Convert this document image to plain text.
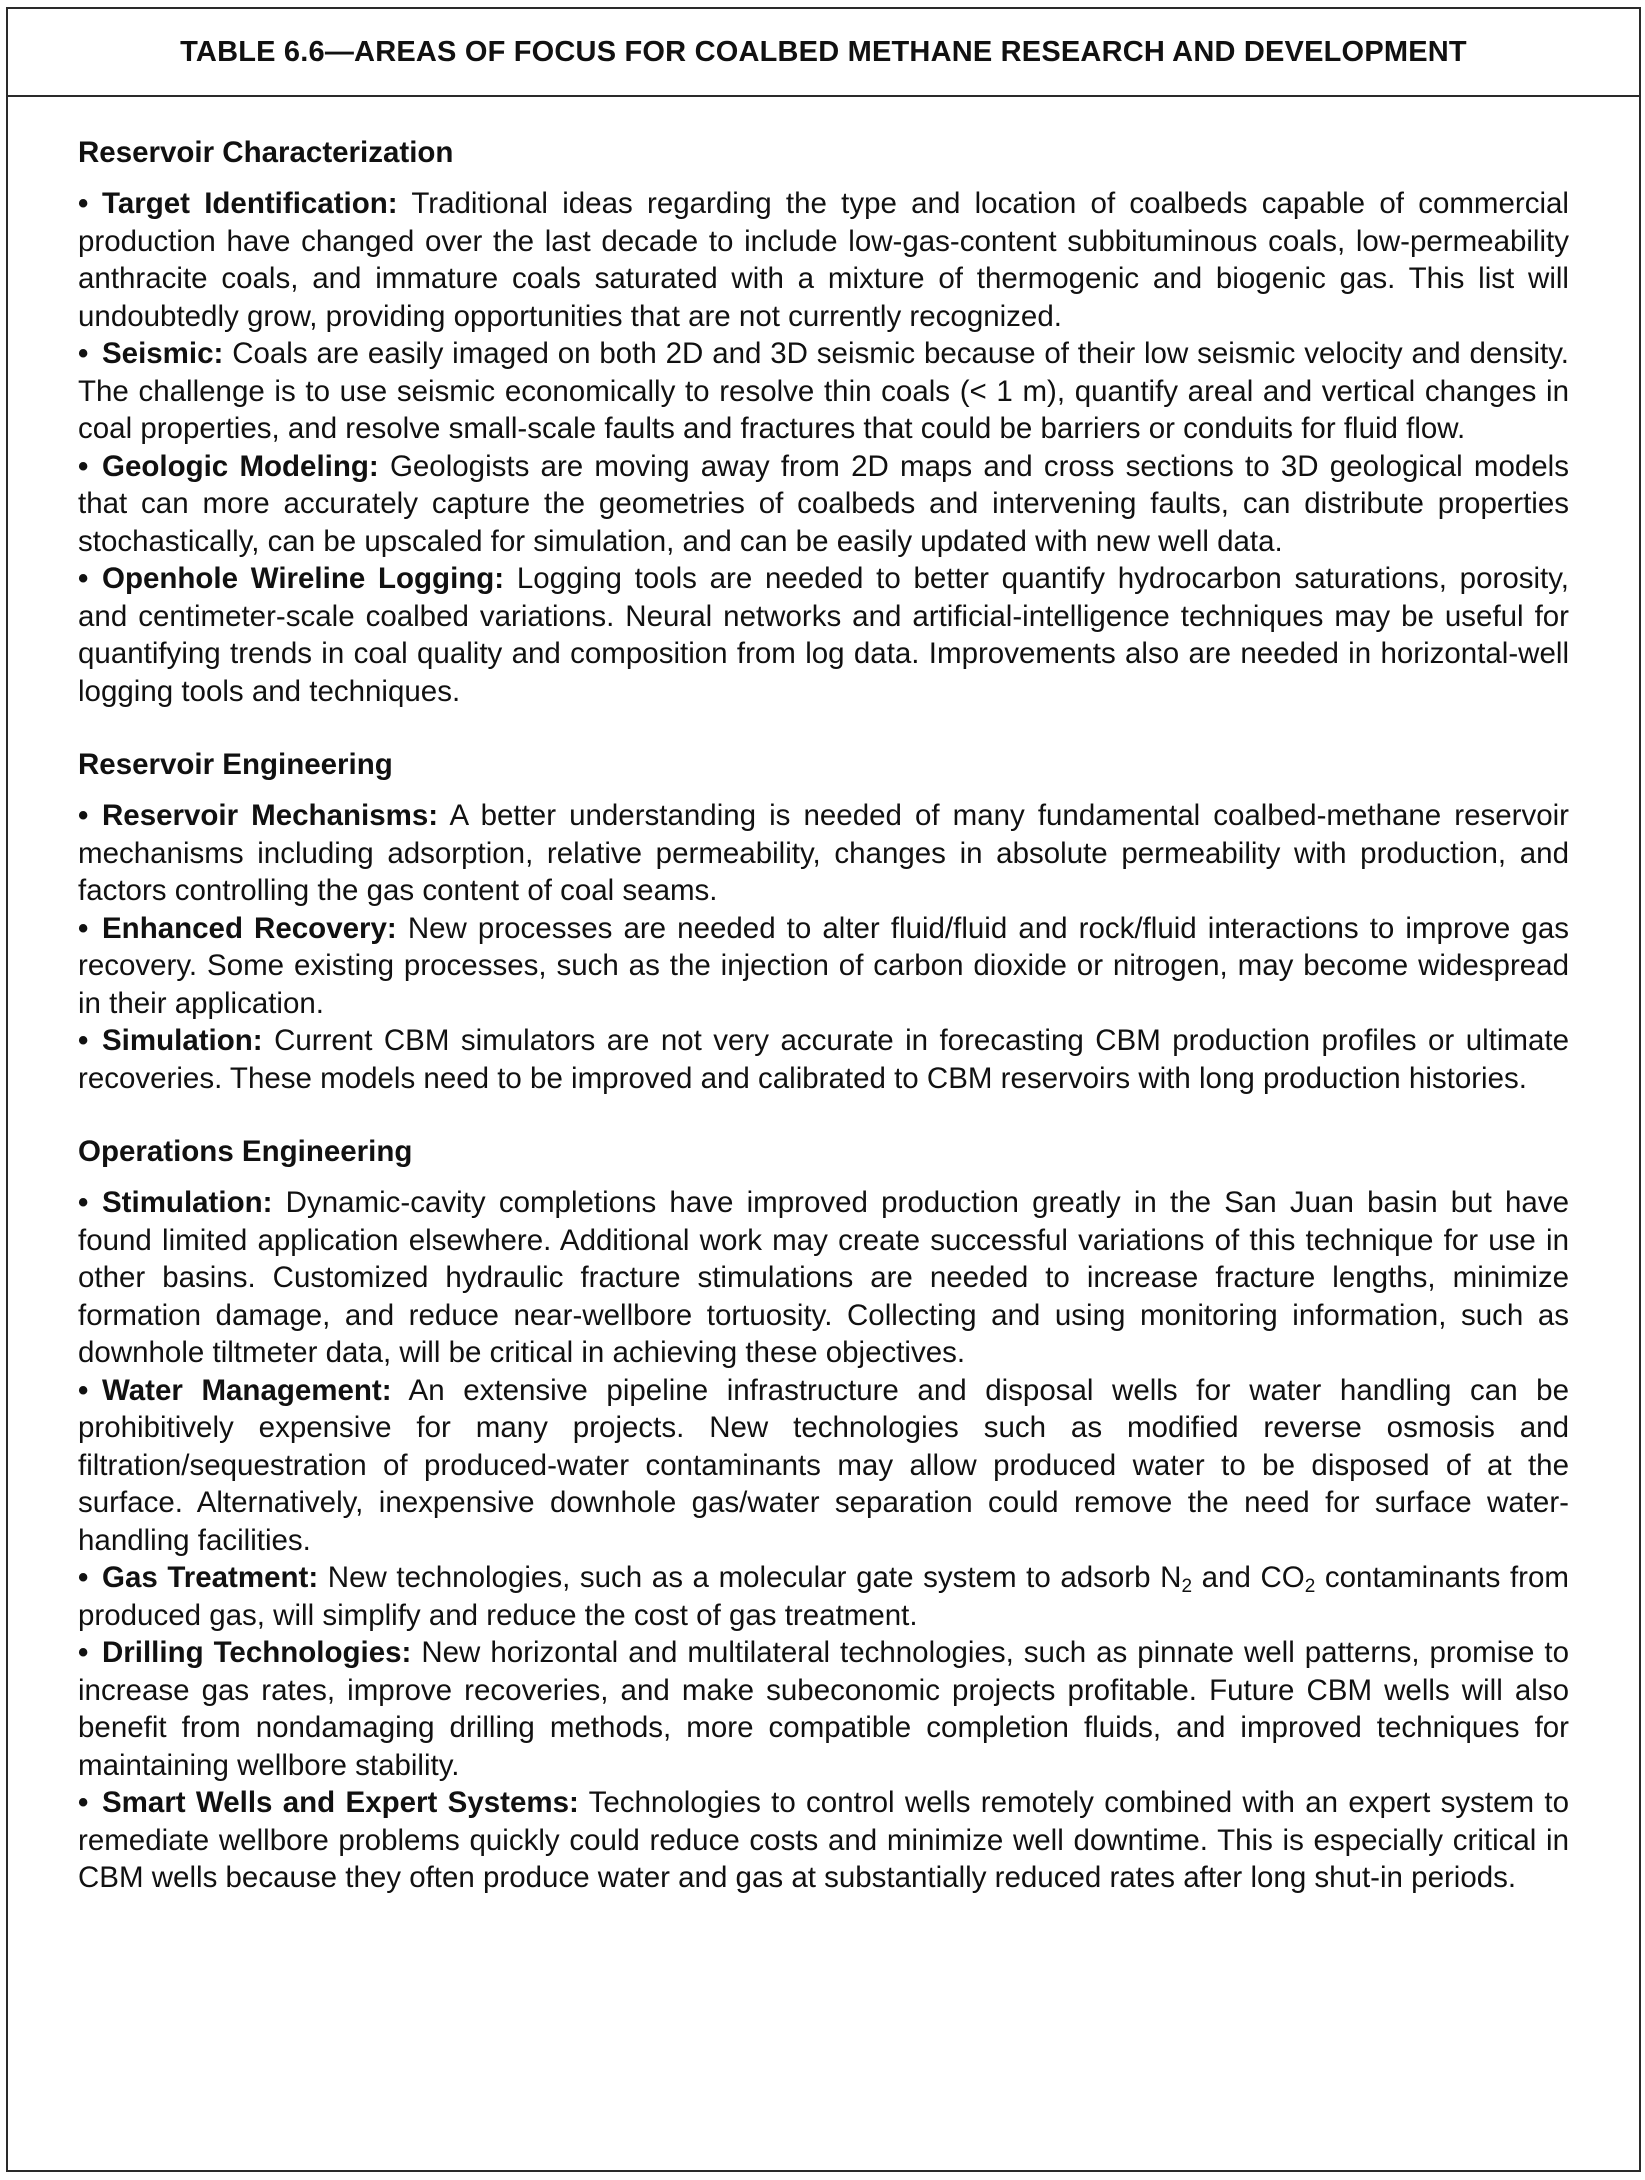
TABLE 6.6—AREAS OF FOCUS FOR COALBED METHANE RESEARCH AND DEVELOPMENT
Reservoir Characterization

• Target Identification: Traditional ideas regarding the type and location of coalbeds capable of commercial production have changed over the last decade to include low-gas-content subbituminous coals, low-permeability anthracite coals, and immature coals saturated with a mixture of thermogenic and biogenic gas. This list will undoubtedly grow, providing opportunities that are not currently recognized.

• Seismic: Coals are easily imaged on both 2D and 3D seismic because of their low seismic velocity and density. The challenge is to use seismic economically to resolve thin coals (< 1 m), quantify areal and vertical changes in coal properties, and resolve small-scale faults and fractures that could be barriers or conduits for fluid flow.

• Geologic Modeling: Geologists are moving away from 2D maps and cross sections to 3D geological models that can more accurately capture the geometries of coalbeds and intervening faults, can distribute properties stochastically, can be upscaled for simulation, and can be easily updated with new well data.

• Openhole Wireline Logging: Logging tools are needed to better quantify hydrocarbon saturations, porosity, and centimeter-scale coalbed variations. Neural networks and artificial-intelligence techniques may be useful for quantifying trends in coal quality and composition from log data. Improvements also are needed in horizontal-well logging tools and techniques.

Reservoir Engineering

• Reservoir Mechanisms: A better understanding is needed of many fundamental coalbed-methane reservoir mechanisms including adsorption, relative permeability, changes in absolute permeability with production, and factors controlling the gas content of coal seams.

• Enhanced Recovery: New processes are needed to alter fluid/fluid and rock/fluid interactions to improve gas recovery. Some existing processes, such as the injection of carbon dioxide or nitrogen, may become widespread in their application.

• Simulation: Current CBM simulators are not very accurate in forecasting CBM production profiles or ultimate recoveries. These models need to be improved and calibrated to CBM reservoirs with long production histories.

Operations Engineering

• Stimulation: Dynamic-cavity completions have improved production greatly in the San Juan basin but have found limited application elsewhere. Additional work may create successful variations of this technique for use in other basins. Customized hydraulic fracture stimulations are needed to increase fracture lengths, minimize formation damage, and reduce near-wellbore tortuosity. Collecting and using monitoring information, such as downhole tiltmeter data, will be critical in achieving these objectives.

• Water Management: An extensive pipeline infrastructure and disposal wells for water handling can be prohibitively expensive for many projects. New technologies such as modified reverse osmosis and filtration/sequestration of produced-water contaminants may allow produced water to be disposed of at the surface. Alternatively, inexpensive downhole gas/water separation could remove the need for surface water-handling facilities.

• Gas Treatment: New technologies, such as a molecular gate system to adsorb $N_2$ and $CO_2$ contaminants from produced gas, will simplify and reduce the cost of gas treatment.

• Drilling Technologies: New horizontal and multilateral technologies, such as pinnate well patterns, promise to increase gas rates, improve recoveries, and make subeconomic projects profitable. Future CBM wells will also benefit from nondamaging drilling methods, more compatible completion fluids, and improved techniques for maintaining wellbore stability.

• Smart Wells and Expert Systems: Technologies to control wells remotely combined with an expert system to remediate wellbore problems quickly could reduce costs and minimize well downtime. This is especially critical in CBM wells because they often produce water and gas at substantially reduced rates after long shut-in periods.
